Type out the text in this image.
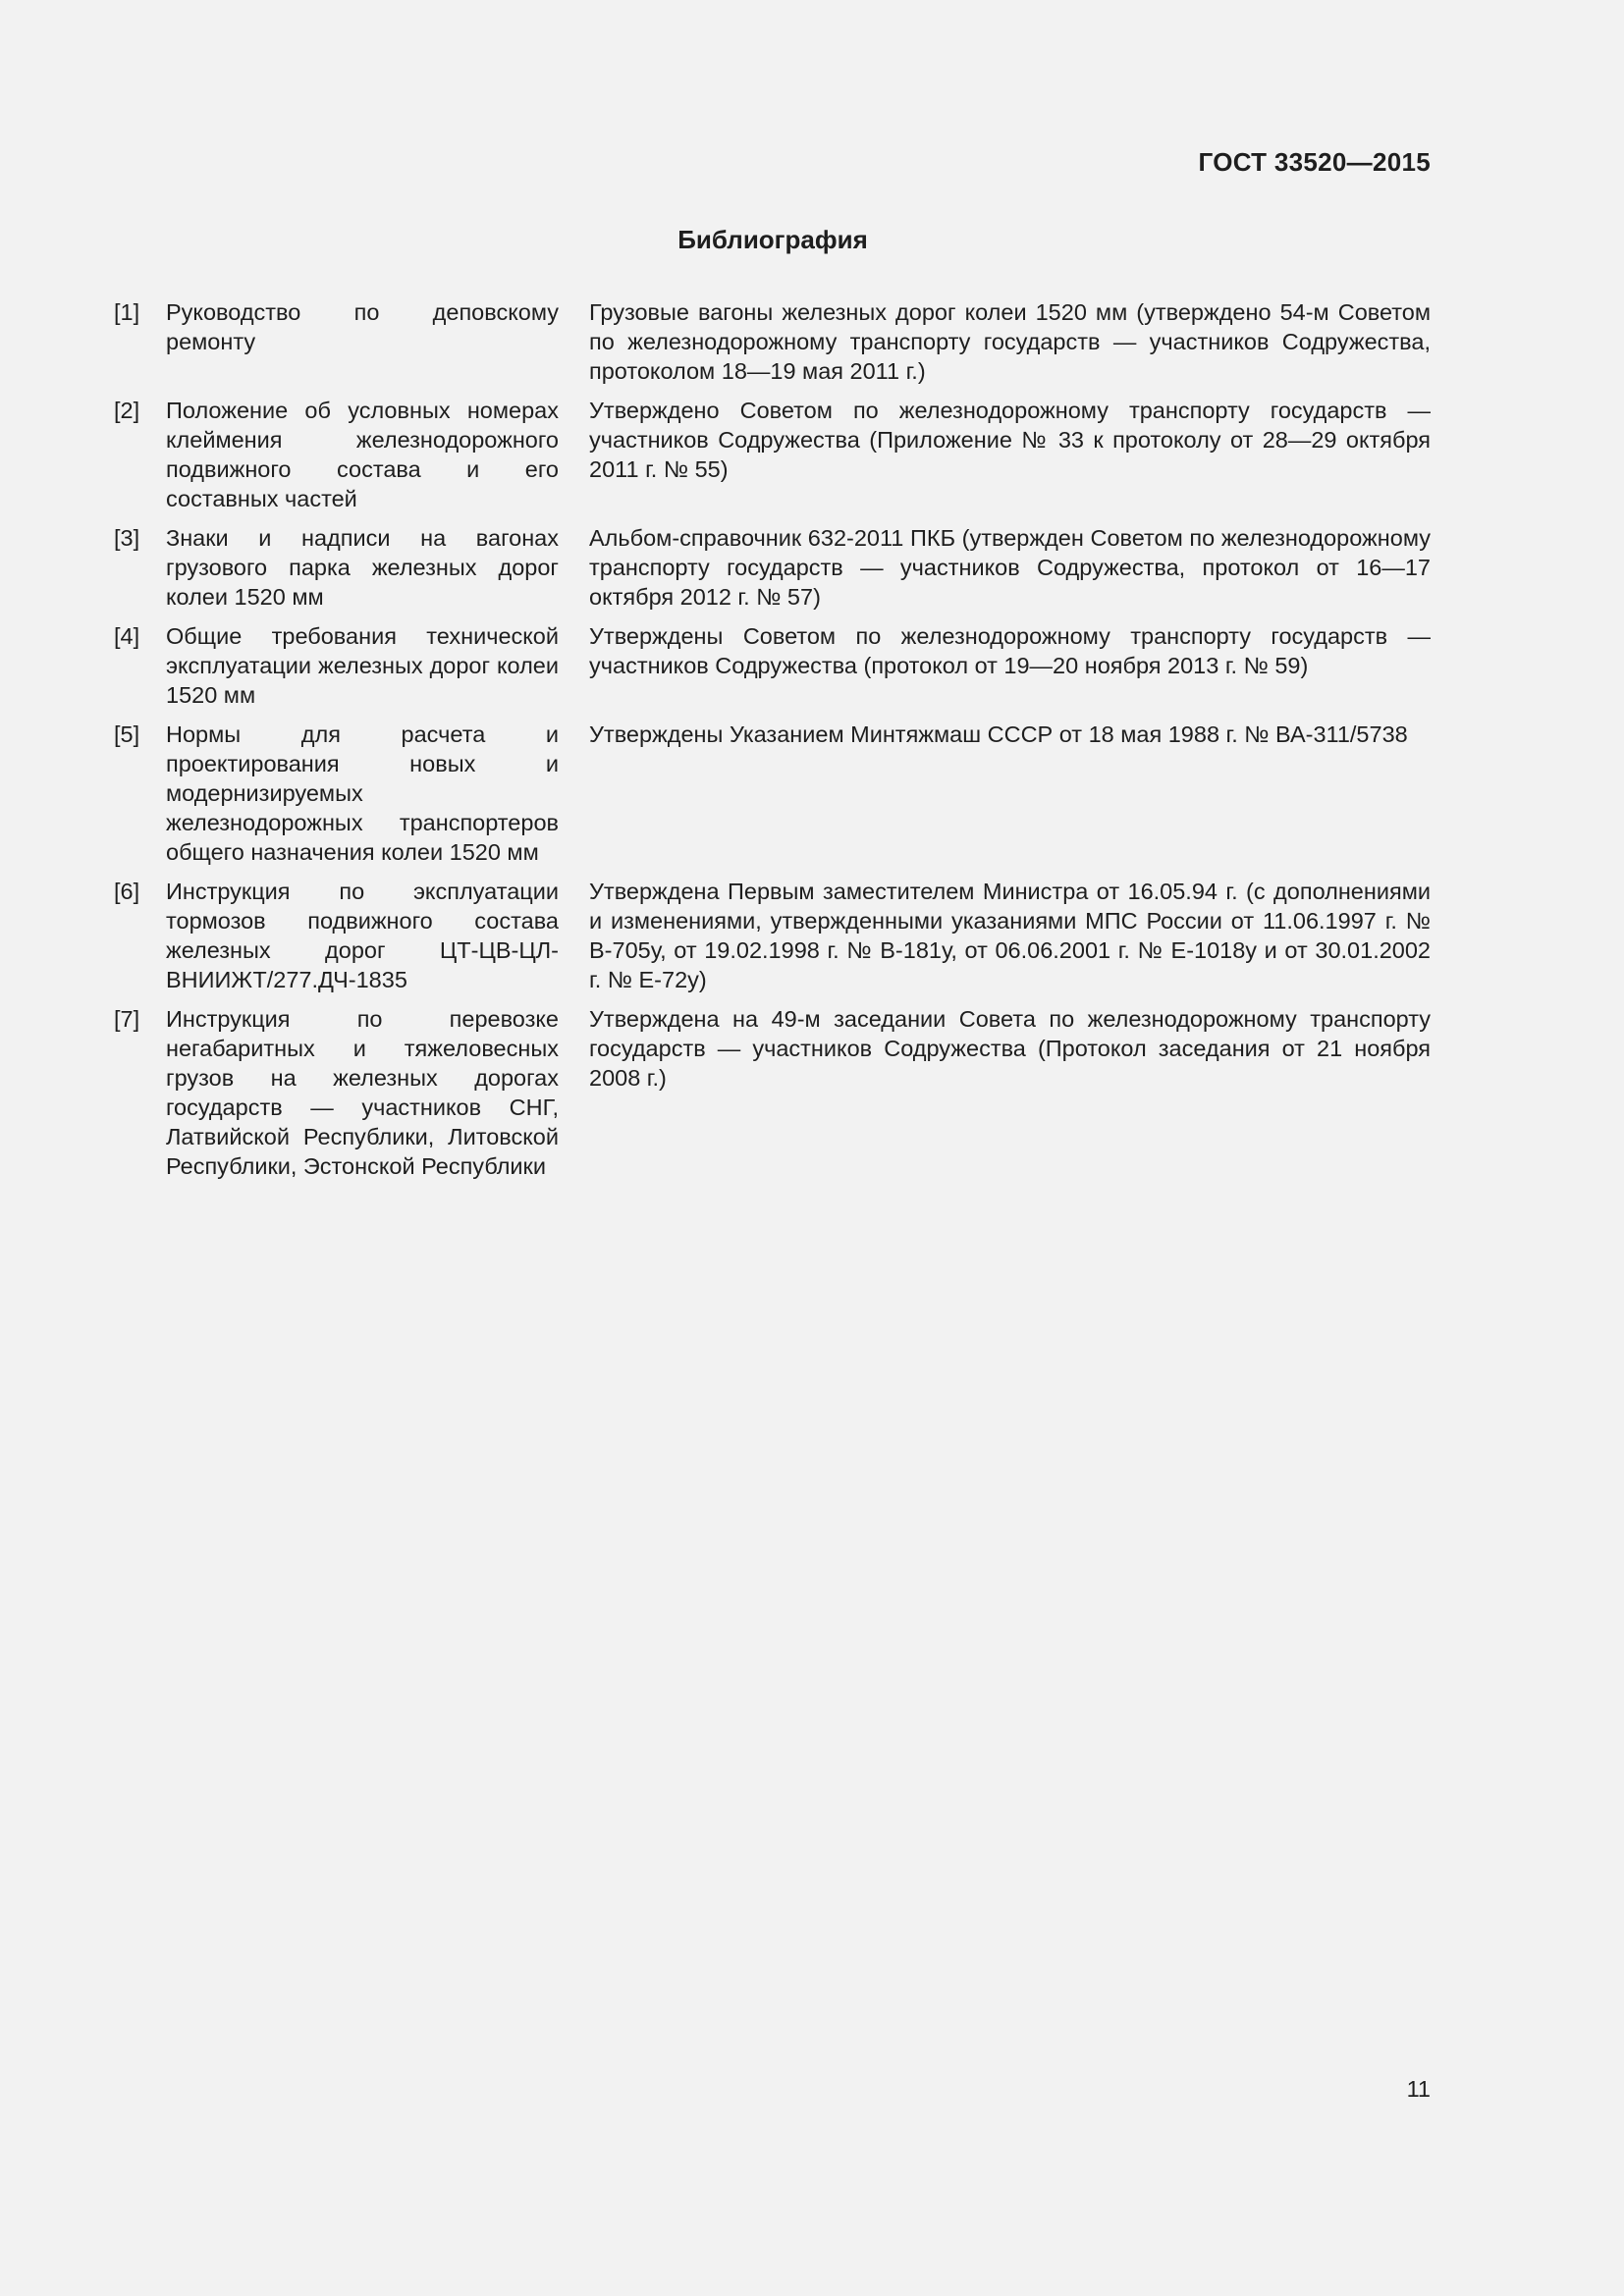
ГОСТ 33520—2015

Библиография
[1]	Руководство по деповскому ремонту
Грузовые вагоны железных дорог колеи 1520 мм (утверждено 54-м Советом по железнодорожному транспорту государств — участников Содружества, протоколом 18—19 мая 2011 г.)
[2]	Положение об условных номерах клеймения железнодорожного подвижного состава и его составных частей
Утверждено Советом по железнодорожному транспорту государств — участников Содружества (Приложение № 33 к протоколу от 28—29 октября 2011 г. № 55)
[3]	Знаки и надписи на вагонах грузового парка железных дорог колеи 1520 мм
Альбом-справочник 632-2011 ПКБ (утвержден Советом по железнодорожному транспорту государств — участников Содружества, протокол от 16—17 октября 2012 г. № 57)
[4]	Общие требования технической эксплуатации железных дорог колеи 1520 мм
Утверждены Советом по железнодорожному транспорту государств — участников Содружества (протокол от 19—20 ноября 2013 г. № 59)
[5]	Нормы для расчета и проектирования новых и модернизируемых железнодорожных транспортеров общего назначения колеи 1520 мм
Утверждены Указанием Минтяжмаш СССР от 18 мая 1988 г. № ВА-311/5738
[6]	Инструкция по эксплуатации тормозов подвижного состава железных дорог ЦТ-ЦВ-ЦЛ-ВНИИЖТ/277.ДЧ-1835
Утверждена Первым заместителем Министра от 16.05.94 г. (с дополнениями и изменениями, утвержденными указаниями МПС России от 11.06.1997 г. № В-705у, от 19.02.1998 г. № В-181у, от 06.06.2001 г. № Е-1018у и от 30.01.2002 г. № Е-72у)
[7]	Инструкция по перевозке негабаритных и тяжеловесных грузов на железных дорогах государств — участников СНГ, Латвийской Республики, Литовской Республики, Эстонской Республики
Утверждена на 49-м заседании Совета по железнодорожному транспорту государств — участников Содружества (Протокол заседания от 21 ноября 2008 г.)

11
